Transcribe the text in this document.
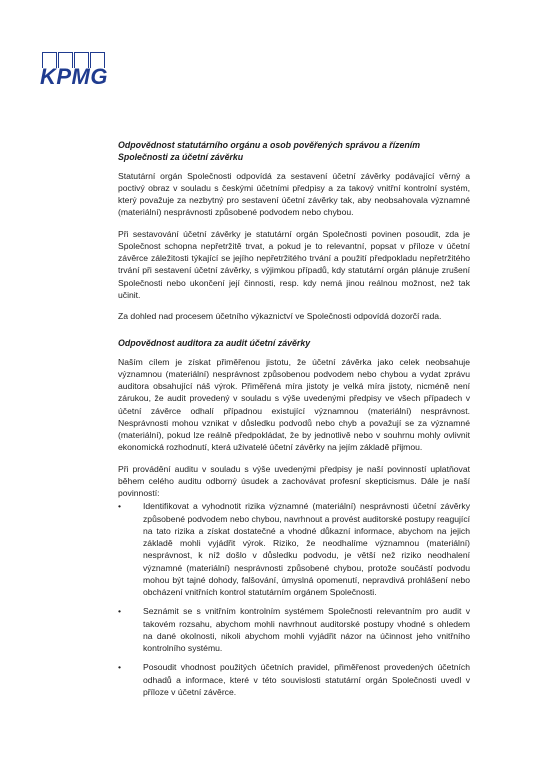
KPMG
Odpovědnost statutárního orgánu a osob pověřených správou a řízením Společnosti za účetní závěrku

Statutární orgán Společnosti odpovídá za sestavení účetní závěrky podávající věrný a poctivý obraz v souladu s českými účetními předpisy a za takový vnitřní kontrolní systém, který považuje za nezbytný pro sestavení účetní závěrky tak, aby neobsahovala významné (materiální) nesprávnosti způsobené podvodem nebo chybou.

Při sestavování účetní závěrky je statutární orgán Společnosti povinen posoudit, zda je Společnost schopna nepřetržitě trvat, a pokud je to relevantní, popsat v příloze v účetní závěrce záležitosti týkající se jejího nepřetržitého trvání a použití předpokladu nepřetržitého trvání při sestavení účetní závěrky, s výjimkou případů, kdy statutární orgán plánuje zrušení Společnosti nebo ukončení její činnosti, resp. kdy nemá jinou reálnou možnost, než tak učinit.

Za dohled nad procesem účetního výkaznictví ve Společnosti odpovídá dozorčí rada.

Odpovědnost auditora za audit účetní závěrky

Naším cílem je získat přiměřenou jistotu, že účetní závěrka jako celek neobsahuje významnou (materiální) nesprávnost způsobenou podvodem nebo chybou a vydat zprávu auditora obsahující náš výrok. Přiměřená míra jistoty je velká míra jistoty, nicméně není zárukou, že audit provedený v souladu s výše uvedenými předpisy ve všech případech v účetní závěrce odhalí případnou existující významnou (materiální) nesprávnost. Nesprávnosti mohou vznikat v důsledku podvodů nebo chyb a považují se za významné (materiální), pokud lze reálně předpokládat, že by jednotlivě nebo v souhrnu mohly ovlivnit ekonomická rozhodnutí, která uživatelé účetní závěrky na jejím základě přijmou.

Při provádění auditu v souladu s výše uvedenými předpisy je naší povinností uplatňovat během celého auditu odborný úsudek a zachovávat profesní skepticismus. Dále je naší povinností:

•	Identifikovat a vyhodnotit rizika významné (materiální) nesprávnosti účetní závěrky způsobené podvodem nebo chybou, navrhnout a provést auditorské postupy reagující na tato rizika a získat dostatečné a vhodné důkazní informace, abychom na jejich základě mohli vyjádřit výrok. Riziko, že neodhalíme významnou (materiální) nesprávnost, k níž došlo v důsledku podvodu, je větší než riziko neodhalení významné (materiální) nesprávnosti způsobené chybou, protože součástí podvodu mohou být tajné dohody, falšování, úmyslná opomenutí, nepravdivá prohlášení nebo obcházení vnitřních kontrol statutárním orgánem Společnosti.
•	Seznámit se s vnitřním kontrolním systémem Společnosti relevantním pro audit v takovém rozsahu, abychom mohli navrhnout auditorské postupy vhodné s ohledem na dané okolnosti, nikoli abychom mohli vyjádřit názor na účinnost jeho vnitřního kontrolního systému.
•	Posoudit vhodnost použitých účetních pravidel, přiměřenost provedených účetních odhadů a informace, které v této souvislosti statutární orgán Společnosti uvedl v příloze v účetní závěrce.
